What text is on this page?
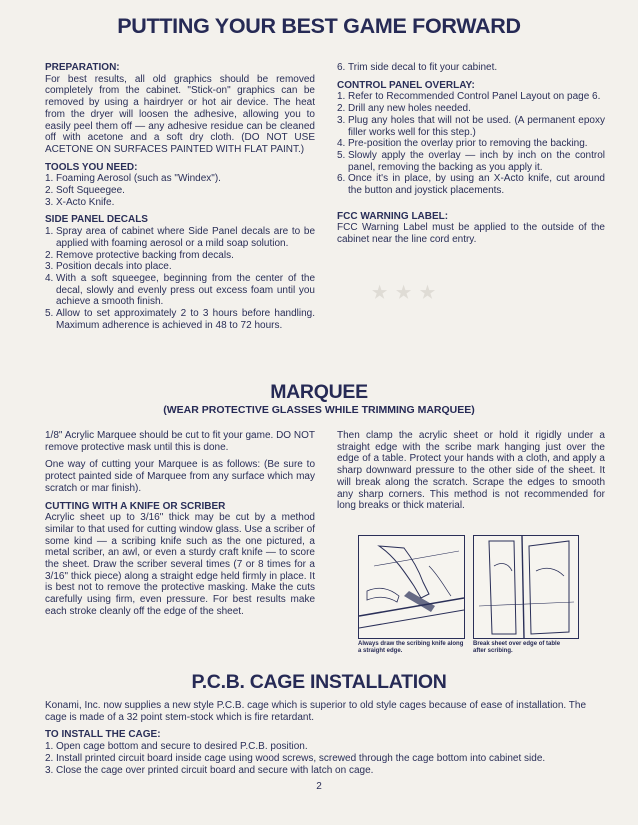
★ ★ ★
PUTTING YOUR BEST GAME FORWARD

PREPARATION:

For best results, all old graphics should be removed completely from the cabinet. "Stick-on" graphics can be removed by using a hairdryer or hot air device. The heat from the dryer will loosen the adhesive, allowing you to easily peel them off — any adhesive residue can be cleaned off with acetone and a soft dry cloth. (DO NOT USE ACETONE ON SURFACES PAINTED WITH FLAT PAINT.)

TOOLS YOU NEED:

1. Foaming Aerosol (such as "Windex").
2. Soft Squeegee.
3. X-Acto Knife.

SIDE PANEL DECALS

1. Spray area of cabinet where Side Panel decals are to be applied with foaming aerosol or a mild soap solution.
2. Remove protective backing from decals.
3. Position decals into place.
4. With a soft squeegee, beginning from the center of the decal, slowly and evenly press out excess foam until you achieve a smooth finish.
5. Allow to set approximately 2 to 3 hours before handling. Maximum adherence is achieved in 48 to 72 hours.
6. Trim side decal to fit your cabinet.

CONTROL PANEL OVERLAY:

1. Refer to Recommended Control Panel Layout on page 6.
2. Drill any new holes needed.
3. Plug any holes that will not be used. (A permanent epoxy filler works well for this step.)
4. Pre-position the overlay prior to removing the backing.
5. Slowly apply the overlay — inch by inch on the control panel, removing the backing as you apply it.
6. Once it's in place, by using an X-Acto knife, cut around the button and joystick placements.

FCC WARNING LABEL:

FCC Warning Label must be applied to the outside of the cabinet near the line cord entry.

MARQUEE
(WEAR PROTECTIVE GLASSES WHILE TRIMMING MARQUEE)

1/8" Acrylic Marquee should be cut to fit your game. DO NOT remove protective mask until this is done.

One way of cutting your Marquee is as follows: (Be sure to protect painted side of Marquee from any surface which may scratch or mar finish).

CUTTING WITH A KNIFE OR SCRIBER

Acrylic sheet up to 3/16" thick may be cut by a method similar to that used for cutting window glass. Use a scriber of some kind — a scribing knife such as the one pictured, a metal scriber, an awl, or even a sturdy craft knife — to score the sheet. Draw the scriber several times (7 or 8 times for a 3/16" thick piece) along a straight edge held firmly in place. It is best not to remove the protective masking. Make the cuts carefully using firm, even pressure. For best results make each stroke cleanly off the edge of the sheet.

Then clamp the acrylic sheet or hold it rigidly under a straight edge with the scribe mark hanging just over the edge of a table. Protect your hands with a cloth, and apply a sharp downward pressure to the other side of the sheet. It will break along the scratch. Scrape the edges to smooth any sharp corners. This method is not recommended for long breaks or thick material.

Always draw the scribing knife along a straight edge.
Break sheet over edge of table after scribing.
P.C.B. CAGE INSTALLATION

Konami, Inc. now supplies a new style P.C.B. cage which is superior to old style cages because of ease of installation. The cage is made of a 32 point stem-stock which is fire retardant.

TO INSTALL THE CAGE:

1. Open cage bottom and secure to desired P.C.B. position.
2. Install printed circuit board inside cage using wood screws, screwed through the cage bottom into cabinet side.
3. Close the cage over printed circuit board and secure with latch on cage.
2
